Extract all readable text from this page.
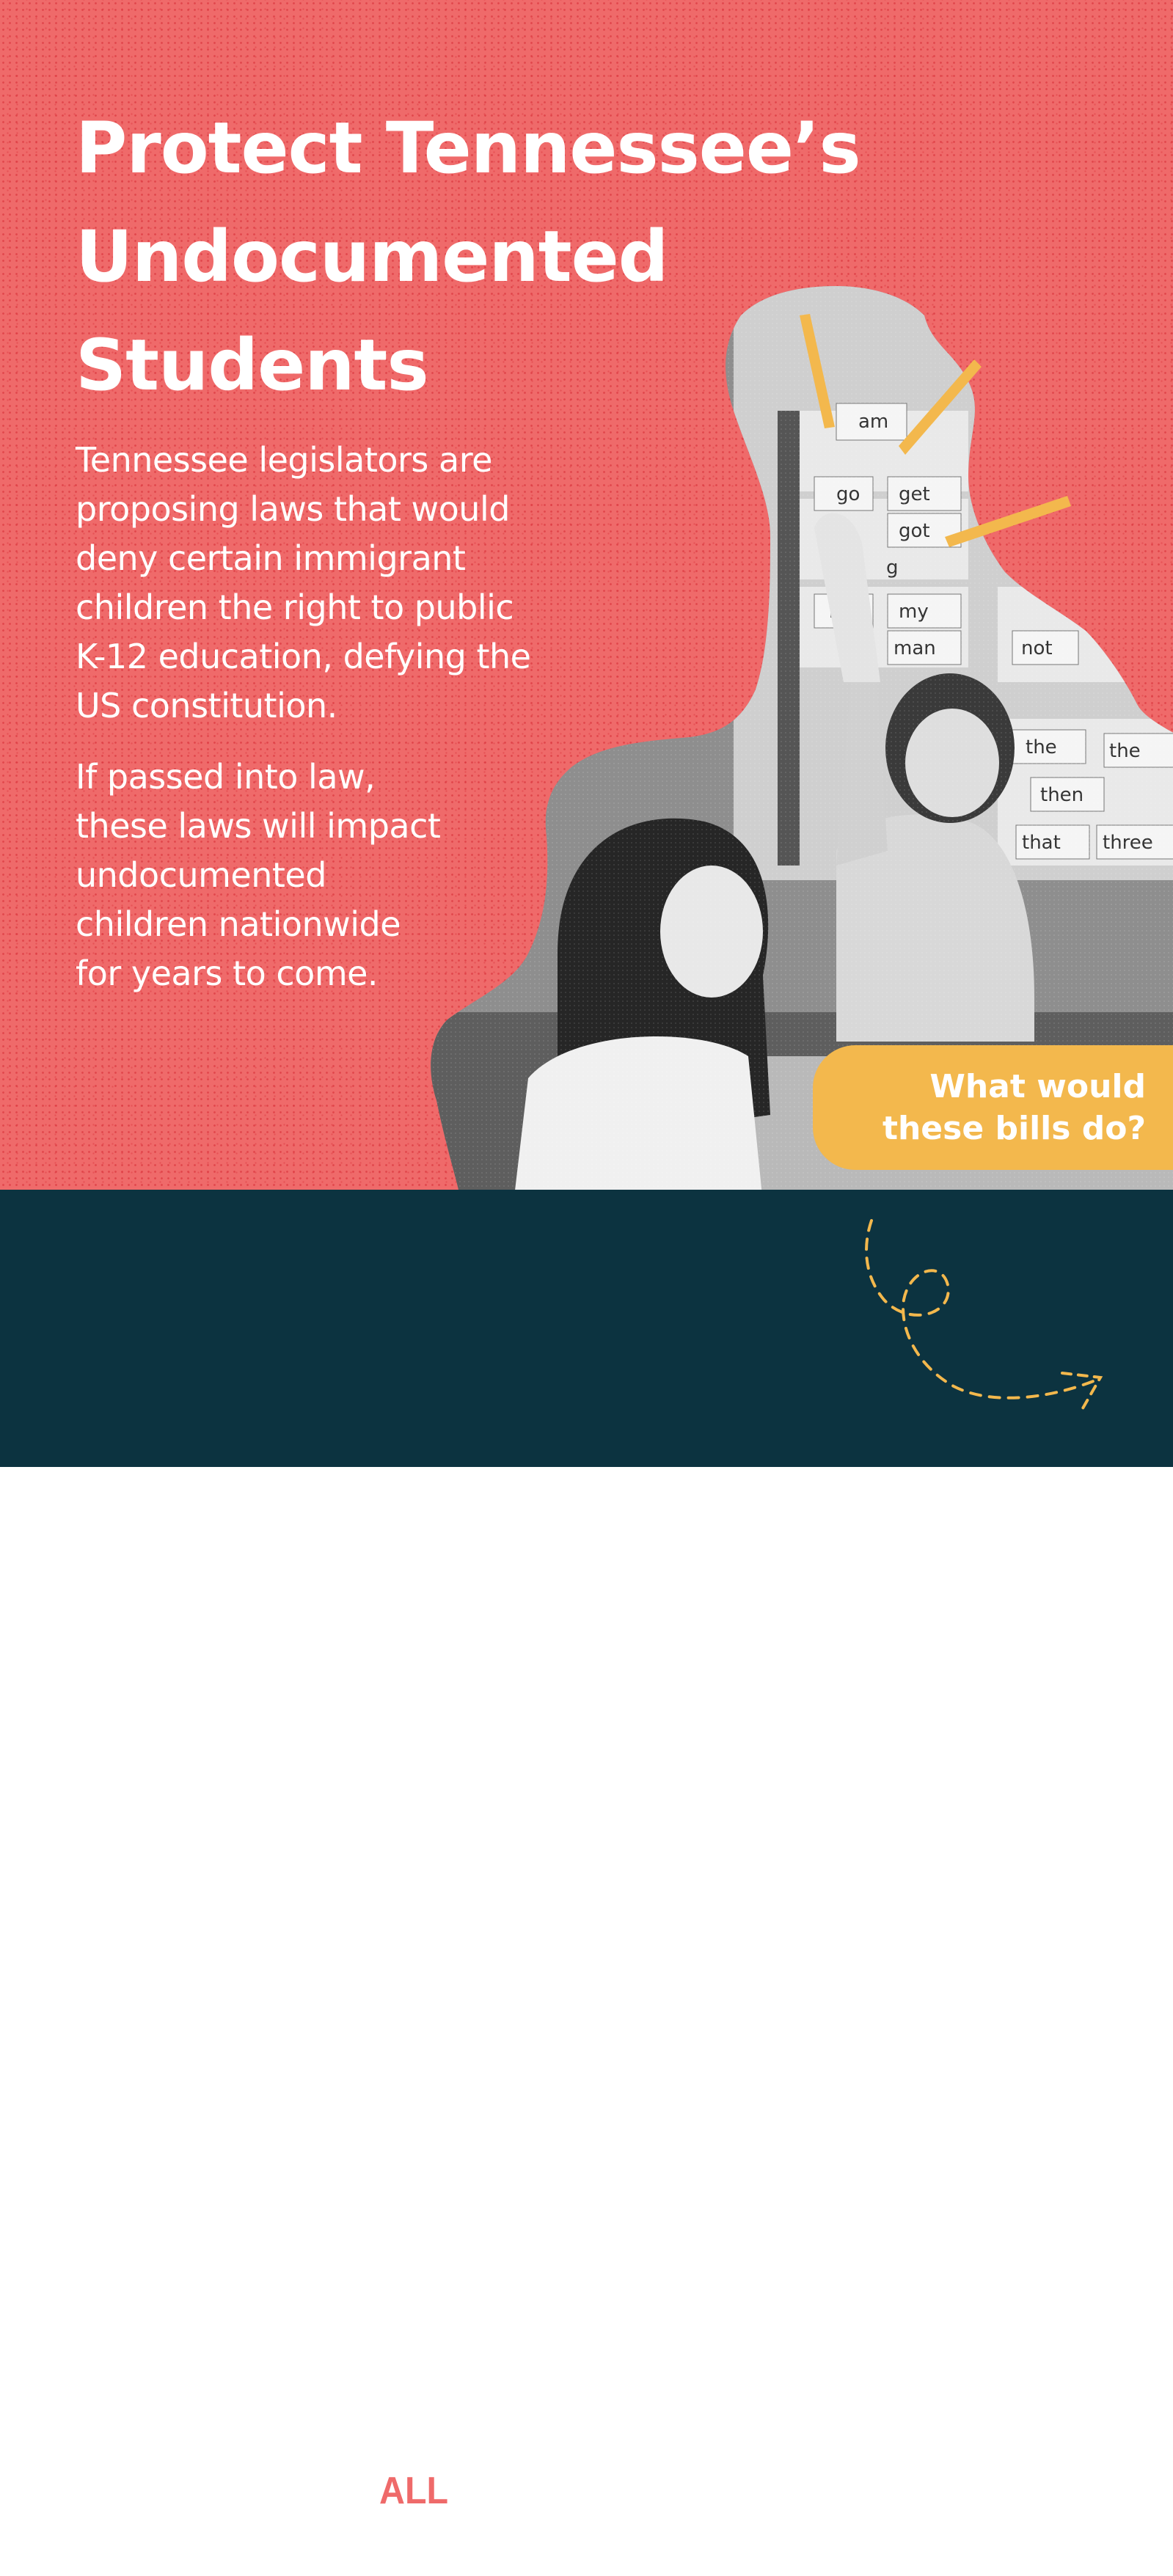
Protect Tennessee’s
Undocumented
Students

Tennessee legislators are
proposing laws that would
deny certain immigrant
children the right to public
K-12 education, defying the
US constitution.

If passed into law,
these laws will impact
undocumented
children nationwide
for years to come.

What would
these bills do?

EDUCATION FOR ALL
TENNESSEE
